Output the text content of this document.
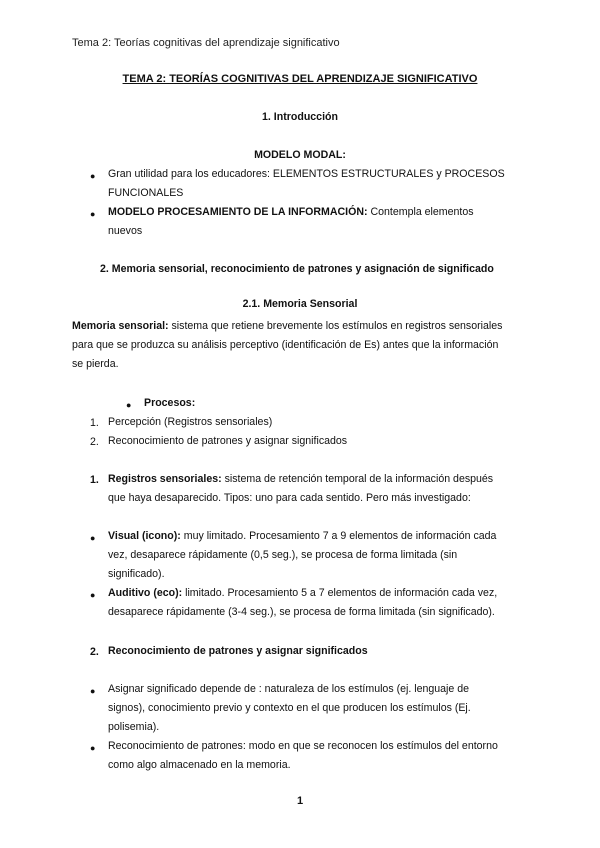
Tema 2: Teorías cognitivas del aprendizaje significativo
TEMA 2: TEORÍAS COGNITIVAS DEL APRENDIZAJE SIGNIFICATIVO
1. Introducción
MODELO MODAL:
● Gran utilidad para los educadores: ELEMENTOS ESTRUCTURALES y PROCESOS
FUNCIONALES
● MODELO PROCESAMIENTO DE LA INFORMACIÓN: Contempla elementos
nuevos
2. Memoria sensorial, reconocimiento de patrones y asignación de significado
2.1. Memoria Sensorial
Memoria sensorial: sistema que retiene brevemente los estímulos en registros sensoriales
para que se produzca su análisis perceptivo (identificación de Es) antes que la información
se pierda.
● Procesos:
1. Percepción (Registros sensoriales)
2. Reconocimiento de patrones y asignar significados
1. Registros sensoriales: sistema de retención temporal de la información después
que haya desaparecido. Tipos: uno para cada sentido. Pero más investigado:
● Visual (icono): muy limitado. Procesamiento 7 a 9 elementos de información cada
vez, desaparece rápidamente (0,5 seg.), se procesa de forma limitada (sin
significado).
● Auditivo (eco): limitado. Procesamiento 5 a 7 elementos de información cada vez,
desaparece rápidamente (3-4 seg.), se procesa de forma limitada (sin significado).
2. Reconocimiento de patrones y asignar significados
● Asignar significado depende de : naturaleza de los estímulos (ej. lenguaje de
signos), conocimiento previo y contexto en el que producen los estímulos (Ej.
polisemia).
● Reconocimiento de patrones: modo en que se reconocen los estímulos del entorno
como algo almacenado en la memoria.
1
